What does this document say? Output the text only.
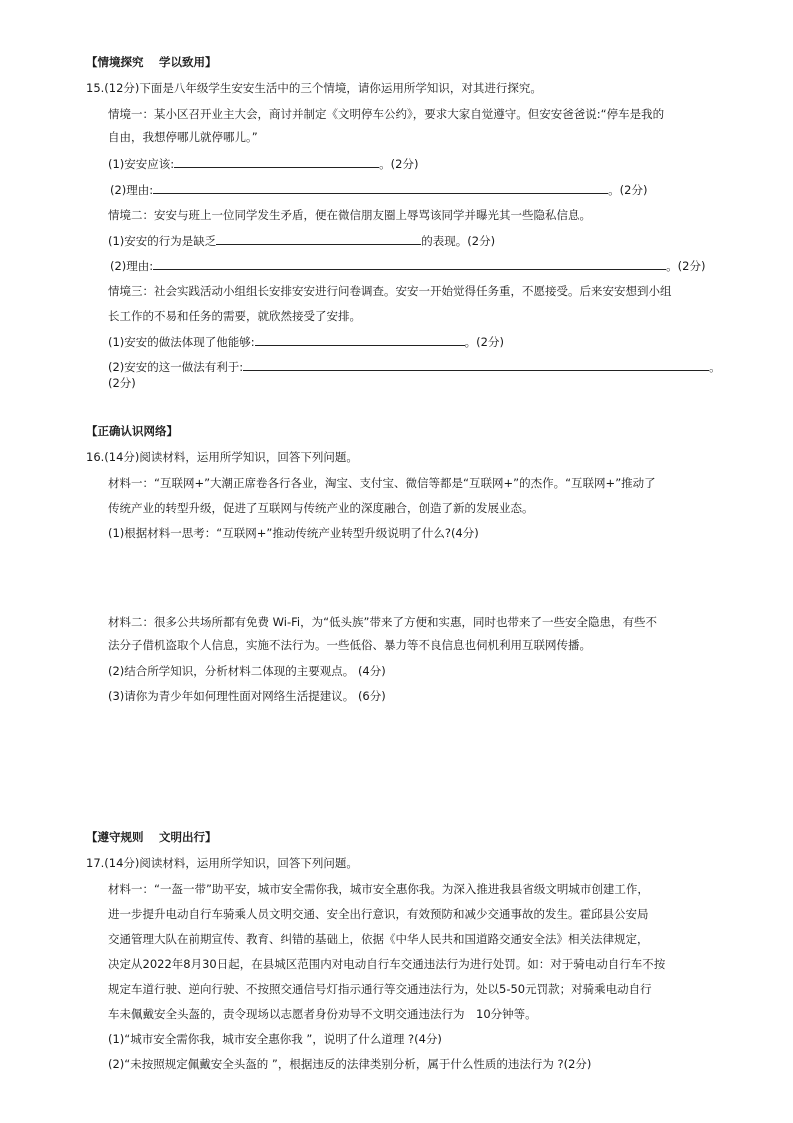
【情境探究　 学以致用】
15.(12分)下面是八年级学生安安生活中的三个情境，请你运用所学知识，对其进行探究。
情境一：某小区召开业主大会，商讨并制定《文明停车公约》，要求大家自觉遵守。但安安爸爸说:“停车是我的
自由，我想停哪儿就停哪儿。”
(1)安安应该:	。(2分)
(2)理由:	。(2分)
情境二：安安与班上一位同学发生矛盾，便在微信朋友圈上辱骂该同学并曝光其一些隐私信息。
(1)安安的行为是缺乏	的表现。(2分)
(2)理由:	。(2分)
情境三：社会实践活动小组组长安排安安进行问卷调查。安安一开始觉得任务重，不愿接受。后来安安想到小组
长工作的不易和任务的需要，就欣然接受了安排。
(1)安安的做法体现了他能够:	。(2分)
(2)安安的这一做法有利于:	。
(2分)
【正确认识网络】
16.(14分)阅读材料，运用所学知识，回答下列问题。
材料一：“互联网+”大潮正席卷各行各业，淘宝、支付宝、微信等都是“互联网+”的杰作。“互联网+”推动了
传统产业的转型升级，促进了互联网与传统产业的深度融合，创造了新的发展业态。
(1)根据材料一思考：“互联网+”推动传统产业转型升级说明了什么?(4分)
材料二：很多公共场所都有免费 Wi-Fi，为“低头族”带来了方便和实惠，同时也带来了一些安全隐患，有些不
法分子借机盗取个人信息，实施不法行为。一些低俗、暴力等不良信息也伺机利用互联网传播。
(2)结合所学知识，分析材料二体现的主要观点。 (4分)
(3)请你为青少年如何理性面对网络生活提建议。 (6分)
【遵守规则　 文明出行】
17.(14分)阅读材料，运用所学知识，回答下列问题。
材料一：“一盔一带”助平安，城市安全需你我，城市安全惠你我。为深入推进我县省级文明城市创建工作，
进一步提升电动自行车骑乘人员文明交通、安全出行意识，有效预防和减少交通事故的发生。霍邱县公安局
交通管理大队在前期宣传、教育、纠错的基础上，依据《中华人民共和国道路交通安全法》相关法律规定，
决定从2022年8月30日起，在县城区范围内对电动自行车交通违法行为进行处罚。如：对于骑电动自行车不按
规定车道行驶、逆向行驶、不按照交通信号灯指示通行等交通违法行为，处以5-50元罚款；对骑乘电动自行
车未佩戴安全头盔的，责令现场以志愿者身份劝导不文明交通违法行为　10分钟等。
(1)“城市安全需你我，城市安全惠你我 ”，说明了什么道理 ?(4分)
(2)“未按照规定佩戴安全头盔的 ”，根据违反的法律类别分析，属于什么性质的违法行为 ?(2分)
